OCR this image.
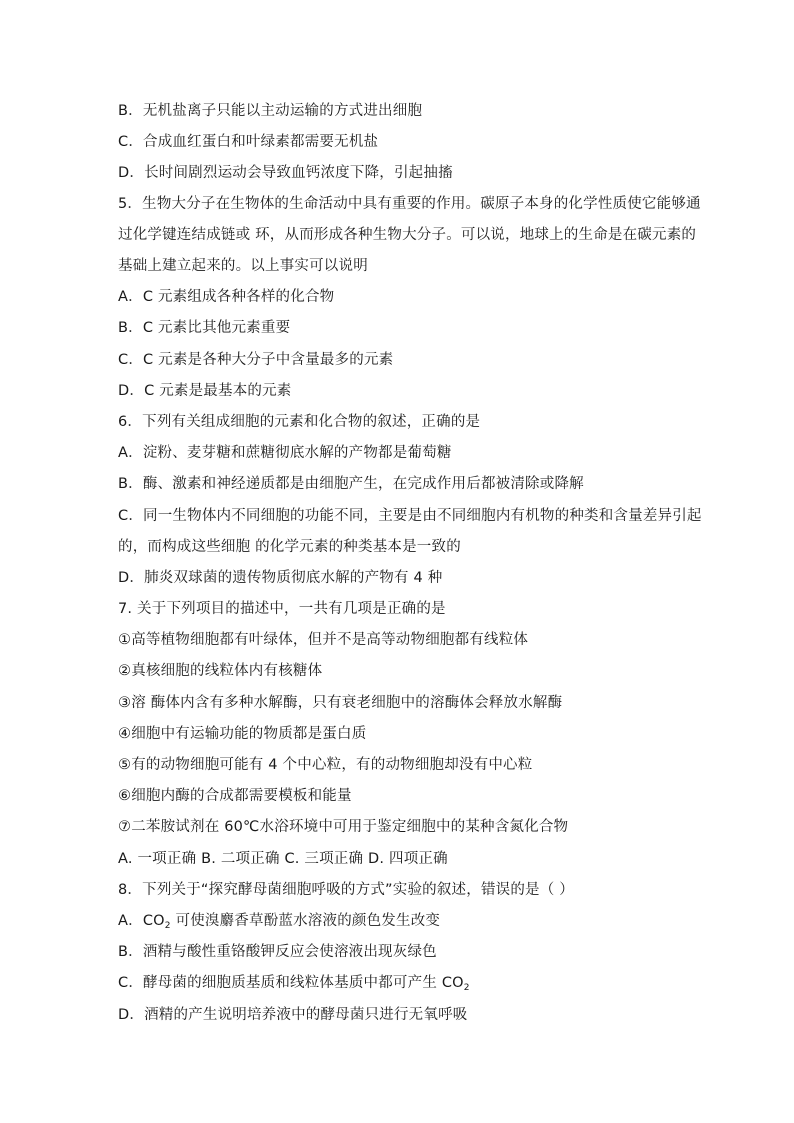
B．无机盐离子只能以主动运输的方式进出细胞
C．合成血红蛋白和叶绿素都需要无机盐
D．长时间剧烈运动会导致血钙浓度下降，引起抽搐
5．生物大分子在生物体的生命活动中具有重要的作用。碳原子本身的化学性质使它能够通
过化学键连结成链或 环，从而形成各种生物大分子。可以说，地球上的生命是在碳元素的
基础上建立起来的。以上事实可以说明
A．C 元素组成各种各样的化合物
B．C 元素比其他元素重要
C．C 元素是各种大分子中含量最多的元素
D．C 元素是最基本的元素
6．下列有关组成细胞的元素和化合物的叙述，正确的是
A．淀粉、麦芽糖和蔗糖彻底水解的产物都是葡萄糖
B．酶、激素和神经递质都是由细胞产生，在完成作用后都被清除或降解
C．同一生物体内不同细胞的功能不同，主要是由不同细胞内有机物的种类和含量差异引起
的，而构成这些细胞 的化学元素的种类基本是一致的
D．肺炎双球菌的遗传物质彻底水解的产物有 4 种
7. 关于下列项目的描述中，一共有几项是正确的是
①高等植物细胞都有叶绿体，但并不是高等动物细胞都有线粒体
②真核细胞的线粒体内有核糖体
③溶 酶体内含有多种水解酶，只有衰老细胞中的溶酶体会释放水解酶
④细胞中有运输功能的物质都是蛋白质
⑤有的动物细胞可能有 4 个中心粒，有的动物细胞却没有中心粒
⑥细胞内酶的合成都需要模板和能量
⑦二苯胺试剂在 60℃水浴环境中可用于鉴定细胞中的某种含氮化合物
A. 一项正确 B. 二项正确 C. 三项正确 D. 四项正确
8．下列关于“探究酵母菌细胞呼吸的方式”实验的叙述，错误的是（ ）
A．$CO_2$ 可使溴麝香草酚蓝水溶液的颜色发生改变
B．酒精与酸性重铬酸钾反应会使溶液出现灰绿色
C．酵母菌的细胞质基质和线粒体基质中都可产生 $CO_2$
D．酒精的产生说明培养液中的酵母菌只进行无氧呼吸
